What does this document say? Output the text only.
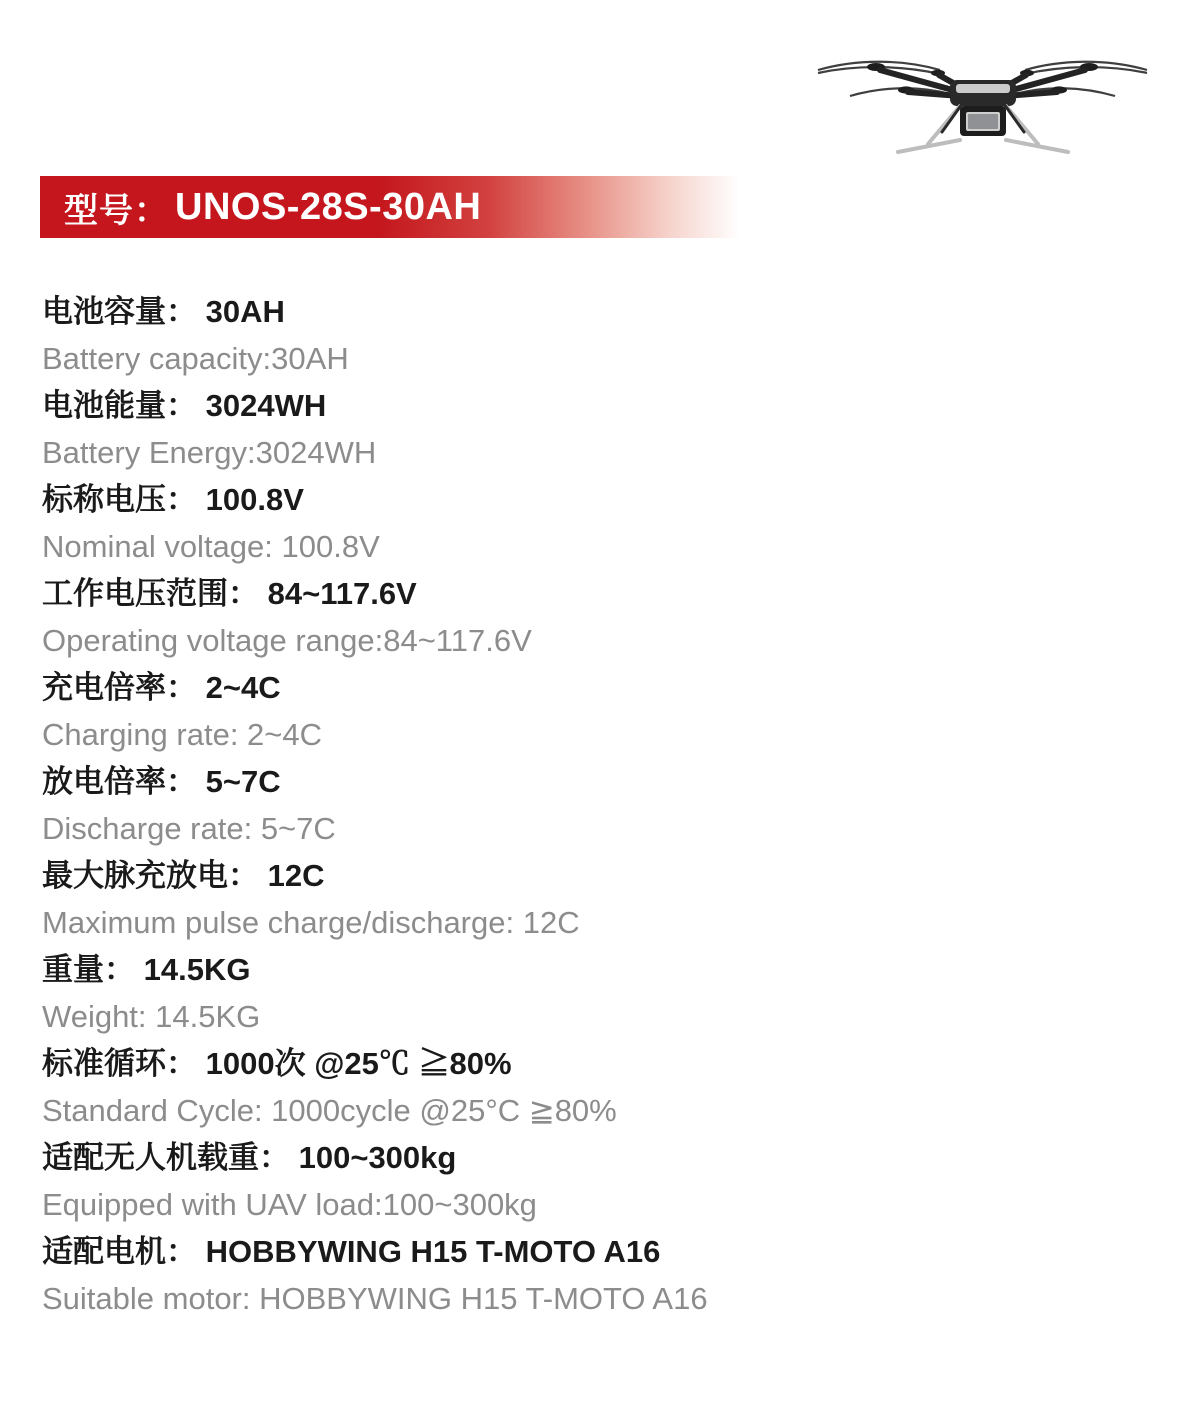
型号： UNOS-28S-30AH

电池容量： 30AH

Battery capacity:30AH

电池能量： 3024WH

Battery Energy:3024WH

标称电压： 100.8V

Nominal voltage: 100.8V

工作电压范围： 84~117.6V

Operating voltage range:84~117.6V

充电倍率： 2~4C

Charging rate: 2~4C

放电倍率： 5~7C

Discharge rate: 5~7C

最大脉充放电： 12C

Maximum pulse charge/discharge: 12C

重量： 14.5KG

Weight: 14.5KG

标准循环： 1000次 @25℃ ≧80%

Standard Cycle: 1000cycle @25°C ≧80%

适配无人机载重： 100~300kg

Equipped with UAV load:100~300kg

适配电机： HOBBYWING H15 T-MOTO A16

Suitable motor: HOBBYWING H15 T-MOTO A16
